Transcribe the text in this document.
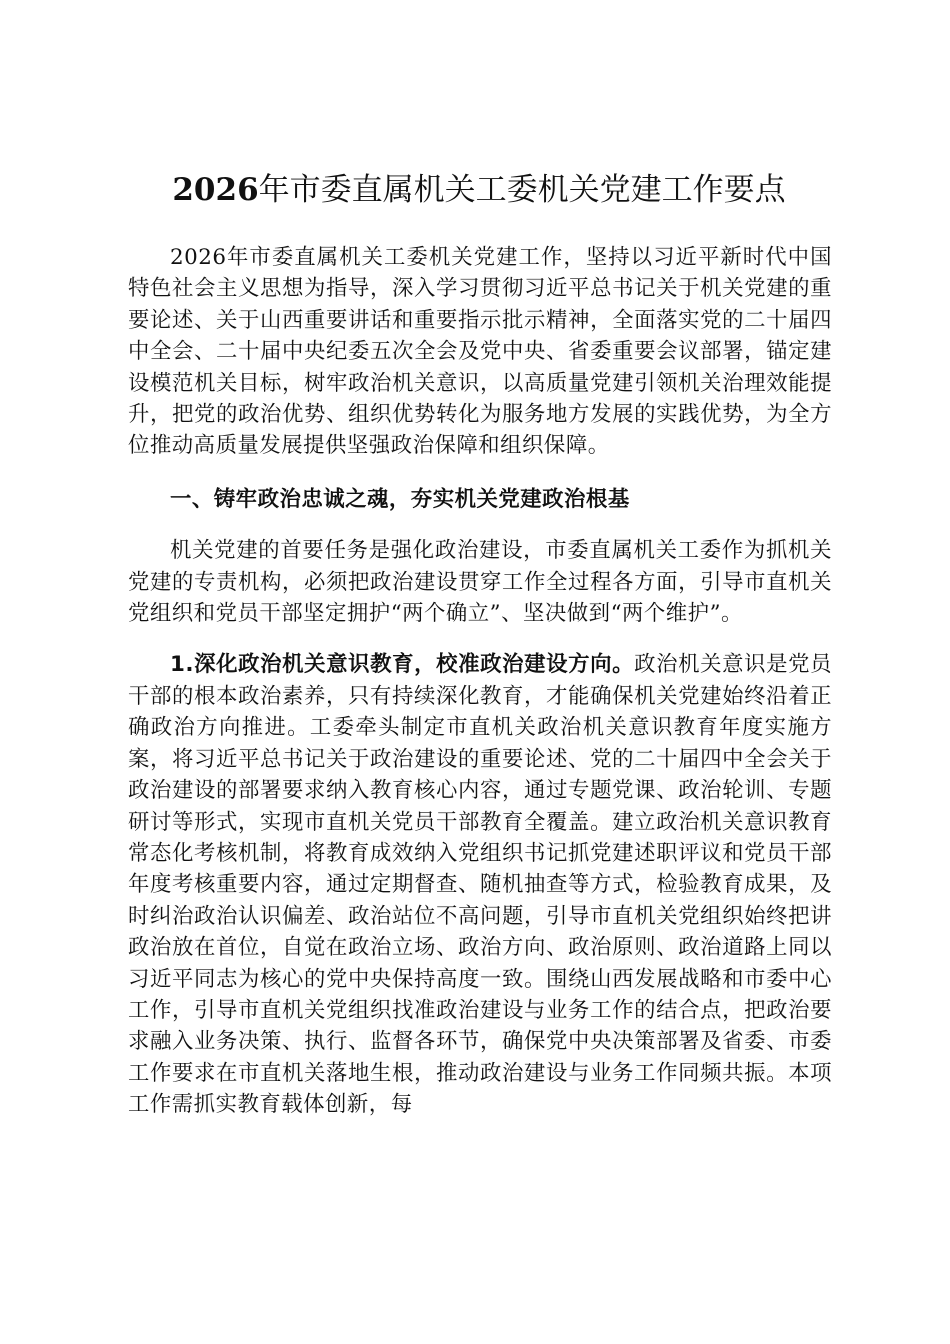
2026年市委直属机关工委机关党建工作要点

2026年市委直属机关工委机关党建工作，坚持以习近平新时代中国特色社会主义思想为指导，深入学习贯彻习近平总书记关于机关党建的重要论述、关于山西重要讲话和重要指示批示精神，全面落实党的二十届四中全会、二十届中央纪委五次全会及党中央、省委重要会议部署，锚定建设模范机关目标，树牢政治机关意识，以高质量党建引领机关治理效能提升，把党的政治优势、组织优势转化为服务地方发展的实践优势，为全方位推动高质量发展提供坚强政治保障和组织保障。

一、铸牢政治忠诚之魂，夯实机关党建政治根基

机关党建的首要任务是强化政治建设，市委直属机关工委作为抓机关党建的专责机构，必须把政治建设贯穿工作全过程各方面，引导市直机关党组织和党员干部坚定拥护“两个确立”、坚决做到“两个维护”。

1.深化政治机关意识教育，校准政治建设方向。政治机关意识是党员干部的根本政治素养，只有持续深化教育，才能确保机关党建始终沿着正确政治方向推进。工委牵头制定市直机关政治机关意识教育年度实施方案，将习近平总书记关于政治建设的重要论述、党的二十届四中全会关于政治建设的部署要求纳入教育核心内容，通过专题党课、政治轮训、专题研讨等形式，实现市直机关党员干部教育全覆盖。建立政治机关意识教育常态化考核机制，将教育成效纳入党组织书记抓党建述职评议和党员干部年度考核重要内容，通过定期督查、随机抽查等方式，检验教育成果，及时纠治政治认识偏差、政治站位不高问题，引导市直机关党组织始终把讲政治放在首位，自觉在政治立场、政治方向、政治原则、政治道路上同以习近平同志为核心的党中央保持高度一致。围绕山西发展战略和市委中心工作，引导市直机关党组织找准政治建设与业务工作的结合点，把政治要求融入业务决策、执行、监督各环节，确保党中央决策部署及省委、市委工作要求在市直机关落地生根，推动政治建设与业务工作同频共振。本项工作需抓实教育载体创新，每
